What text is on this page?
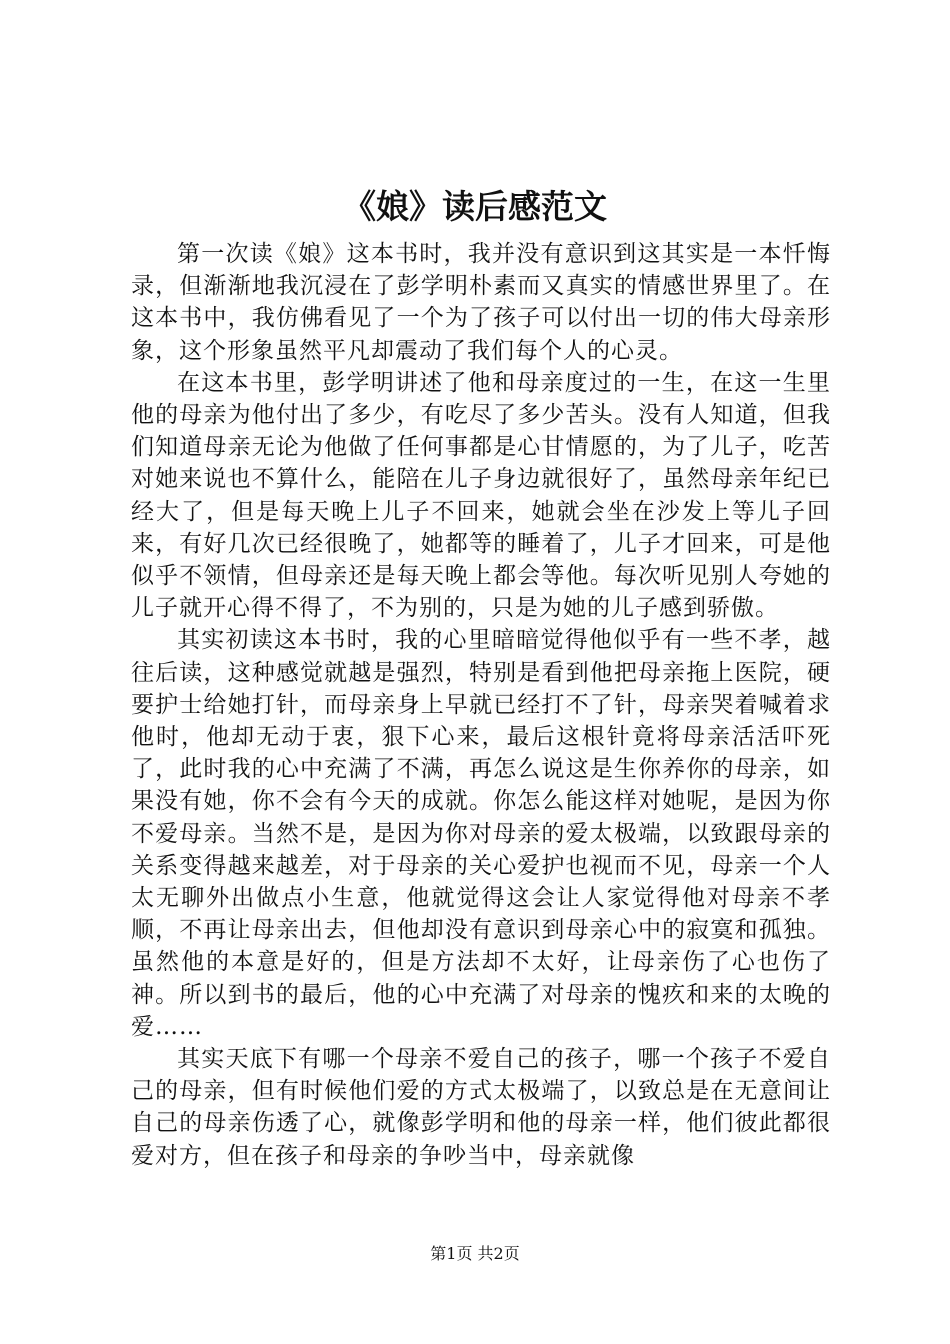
《娘》读后感范文

第一次读《娘》这本书时，我并没有意识到这其实是一本忏悔录，但渐渐地我沉浸在了彭学明朴素而又真实的情感世界里了。在这本书中，我仿佛看见了一个为了孩子可以付出一切的伟大母亲形象，这个形象虽然平凡却震动了我们每个人的心灵。

在这本书里，彭学明讲述了他和母亲度过的一生，在这一生里他的母亲为他付出了多少，有吃尽了多少苦头。没有人知道，但我们知道母亲无论为他做了任何事都是心甘情愿的，为了儿子，吃苦对她来说也不算什么，能陪在儿子身边就很好了，虽然母亲年纪已经大了，但是每天晚上儿子不回来，她就会坐在沙发上等儿子回来，有好几次已经很晚了，她都等的睡着了，儿子才回来，可是他似乎不领情，但母亲还是每天晚上都会等他。每次听见别人夸她的儿子就开心得不得了，不为别的，只是为她的儿子感到骄傲。

其实初读这本书时，我的心里暗暗觉得他似乎有一些不孝，越往后读，这种感觉就越是强烈，特别是看到他把母亲拖上医院，硬要护士给她打针，而母亲身上早就已经打不了针，母亲哭着喊着求他时，他却无动于衷，狠下心来，最后这根针竟将母亲活活吓死了，此时我的心中充满了不满，再怎么说这是生你养你的母亲，如果没有她，你不会有今天的成就。你怎么能这样对她呢，是因为你不爱母亲。当然不是，是因为你对母亲的爱太极端，以致跟母亲的关系变得越来越差，对于母亲的关心爱护也视而不见，母亲一个人太无聊外出做点小生意，他就觉得这会让人家觉得他对母亲不孝顺，不再让母亲出去，但他却没有意识到母亲心中的寂寞和孤独。虽然他的本意是好的，但是方法却不太好，让母亲伤了心也伤了神。所以到书的最后，他的心中充满了对母亲的愧疚和来的太晚的爱……

其实天底下有哪一个母亲不爱自己的孩子，哪一个孩子不爱自己的母亲，但有时候他们爱的方式太极端了，以致总是在无意间让自己的母亲伤透了心，就像彭学明和他的母亲一样，他们彼此都很爱对方，但在孩子和母亲的争吵当中，母亲就像

第1页 共2页
